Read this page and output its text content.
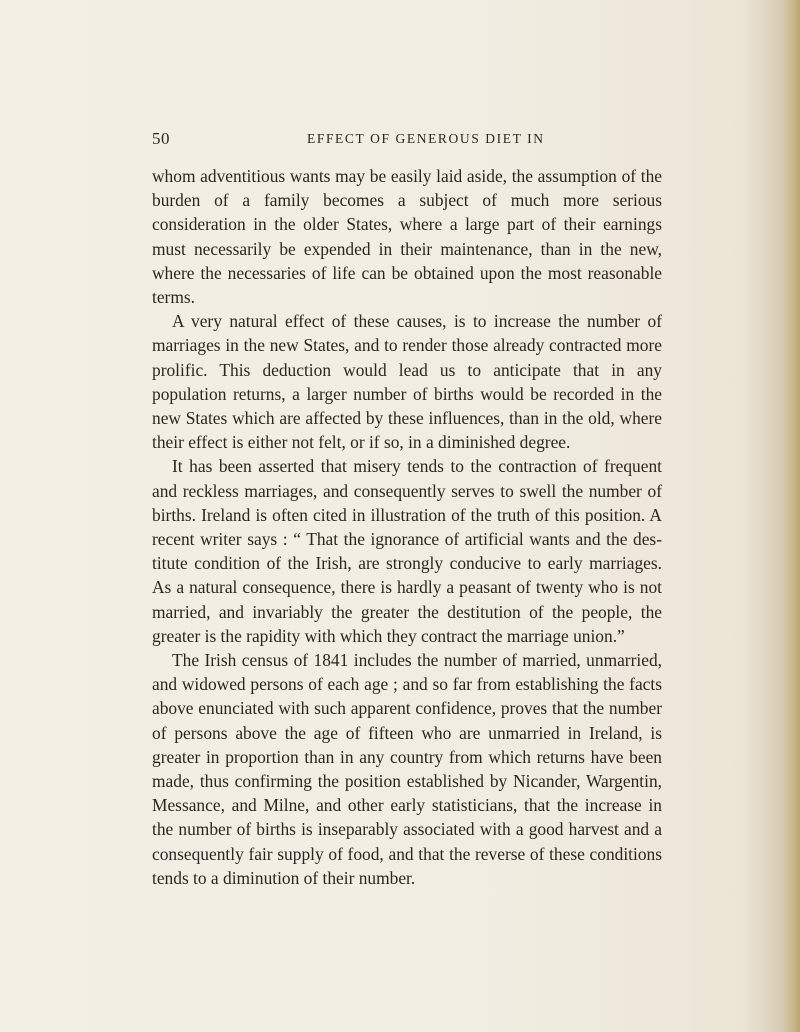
50	EFFECT OF GENEROUS DIET IN

whom adventitious wants may be easily laid aside, the assumption of the burden of a family becomes a subject of much more serious consideration in the older States, where a large part of their earnings must necessarily be expended in their maintenance, than in the new, where the necessaries of life can be obtained upon the most reasonable terms.

A very natural effect of these causes, is to increase the number of marriages in the new States, and to render those already contracted more prolific. This deduction would lead us to anticipate that in any population returns, a larger number of births would be recorded in the new States which are affected by these influences, than in the old, where their effect is either not felt, or if so, in a diminished degree.

It has been asserted that misery tends to the contraction of frequent and reckless marriages, and consequently serves to swell the number of births. Ireland is often cited in illustration of the truth of this position. A recent writer says : “ That the ignorance of artificial wants and the destitute condition of the Irish, are strongly conducive to early marriages. As a natural consequence, there is hardly a peasant of twenty who is not married, and invariably the greater the destitution of the people, the greater is the rapidity with which they contract the marriage union.”

The Irish census of 1841 includes the number of married, unmarried, and widowed persons of each age ; and so far from establishing the facts above enunciated with such apparent confidence, proves that the number of persons above the age of fifteen who are unmarried in Ireland, is greater in proportion than in any country from which returns have been made, thus confirming the position established by Nicander, Wargentin, Messance, and Milne, and other early statisticians, that the increase in the number of births is inseparably associated with a good harvest and a consequently fair supply of food, and that the reverse of these conditions tends to a diminution of their number.
